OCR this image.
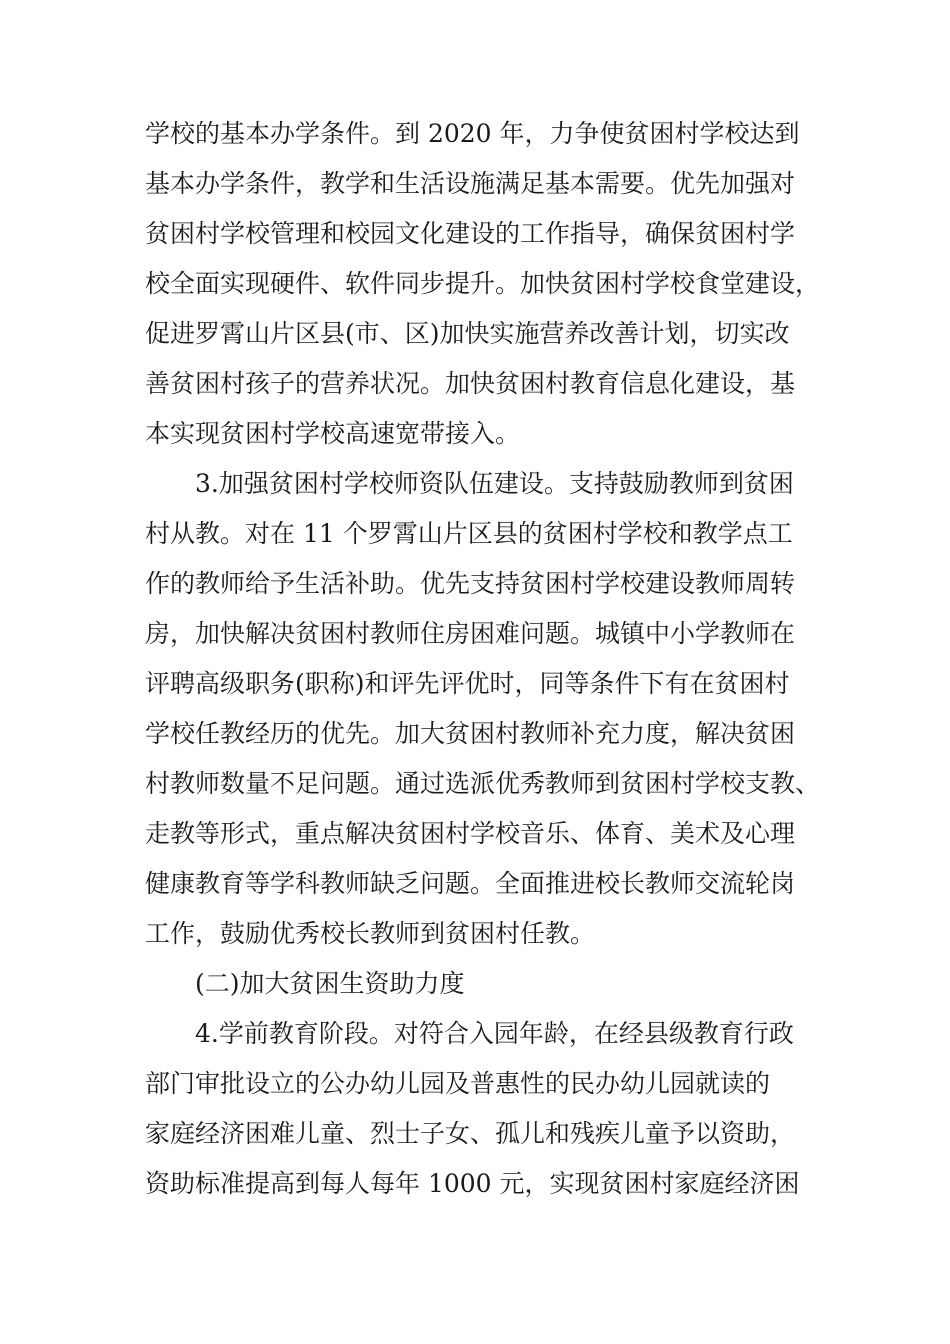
学校的基本办学条件。到 2020 年，力争使贫困村学校达到
基本办学条件，教学和生活设施满足基本需要。优先加强对
贫困村学校管理和校园文化建设的工作指导，确保贫困村学
校全面实现硬件、软件同步提升。加快贫困村学校食堂建设，
促进罗霄山片区县(市、区)加快实施营养改善计划，切实改
善贫困村孩子的营养状况。加快贫困村教育信息化建设，基
本实现贫困村学校高速宽带接入。
3.加强贫困村学校师资队伍建设。支持鼓励教师到贫困
村从教。对在 11 个罗霄山片区县的贫困村学校和教学点工
作的教师给予生活补助。优先支持贫困村学校建设教师周转
房，加快解决贫困村教师住房困难问题。城镇中小学教师在
评聘高级职务(职称)和评先评优时，同等条件下有在贫困村
学校任教经历的优先。加大贫困村教师补充力度，解决贫困
村教师数量不足问题。通过选派优秀教师到贫困村学校支教、
走教等形式，重点解决贫困村学校音乐、体育、美术及心理
健康教育等学科教师缺乏问题。全面推进校长教师交流轮岗
工作，鼓励优秀校长教师到贫困村任教。
(二)加大贫困生资助力度
4.学前教育阶段。对符合入园年龄，在经县级教育行政
部门审批设立的公办幼儿园及普惠性的民办幼儿园就读的
家庭经济困难儿童、烈士子女、孤儿和残疾儿童予以资助，
资助标准提高到每人每年 1000 元，实现贫困村家庭经济困
